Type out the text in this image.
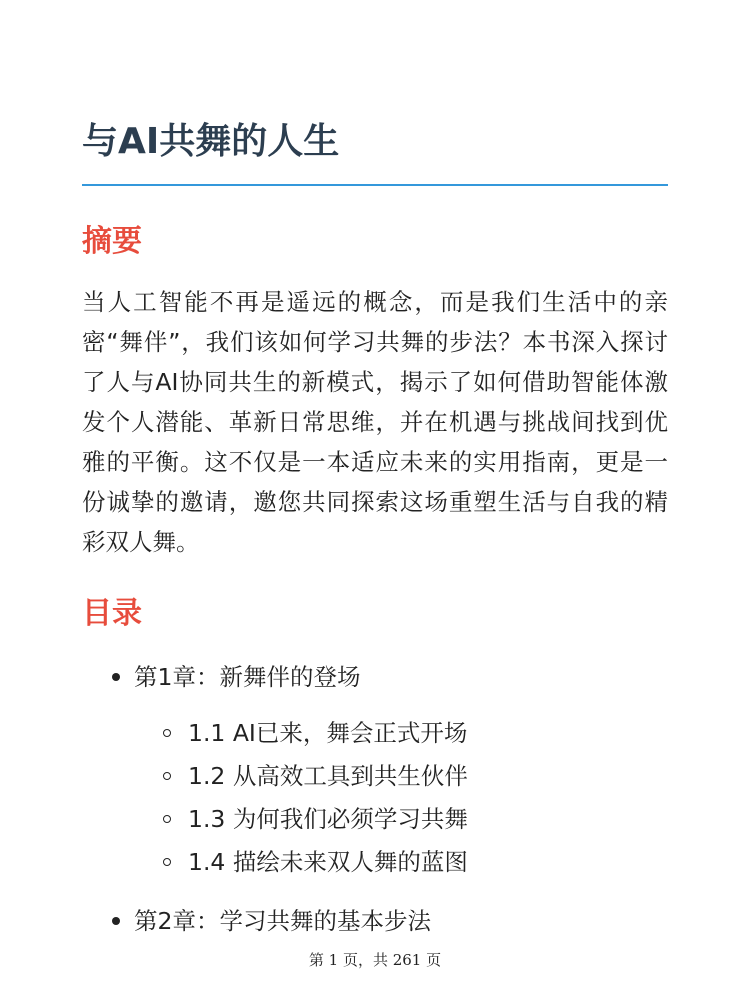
与AI共舞的人生
摘要

当人工智能不再是遥远的概念，而是我们生活中的亲密“舞伴”，我们该如何学习共舞的步法？本书深入探讨了人与AI协同共生的新模式，揭示了如何借助智能体激发个人潜能、革新日常思维，并在机遇与挑战间找到优雅的平衡。这不仅是一本适应未来的实用指南，更是一份诚挚的邀请，邀您共同探索这场重塑生活与自我的精彩双人舞。

目录
第1章：新舞伴的登场
1.1 AI已来，舞会正式开场
1.2 从高效工具到共生伙伴
1.3 为何我们必须学习共舞
1.4 描绘未来双人舞的蓝图
第2章：学习共舞的基本步法
第 1 页，共 261 页
